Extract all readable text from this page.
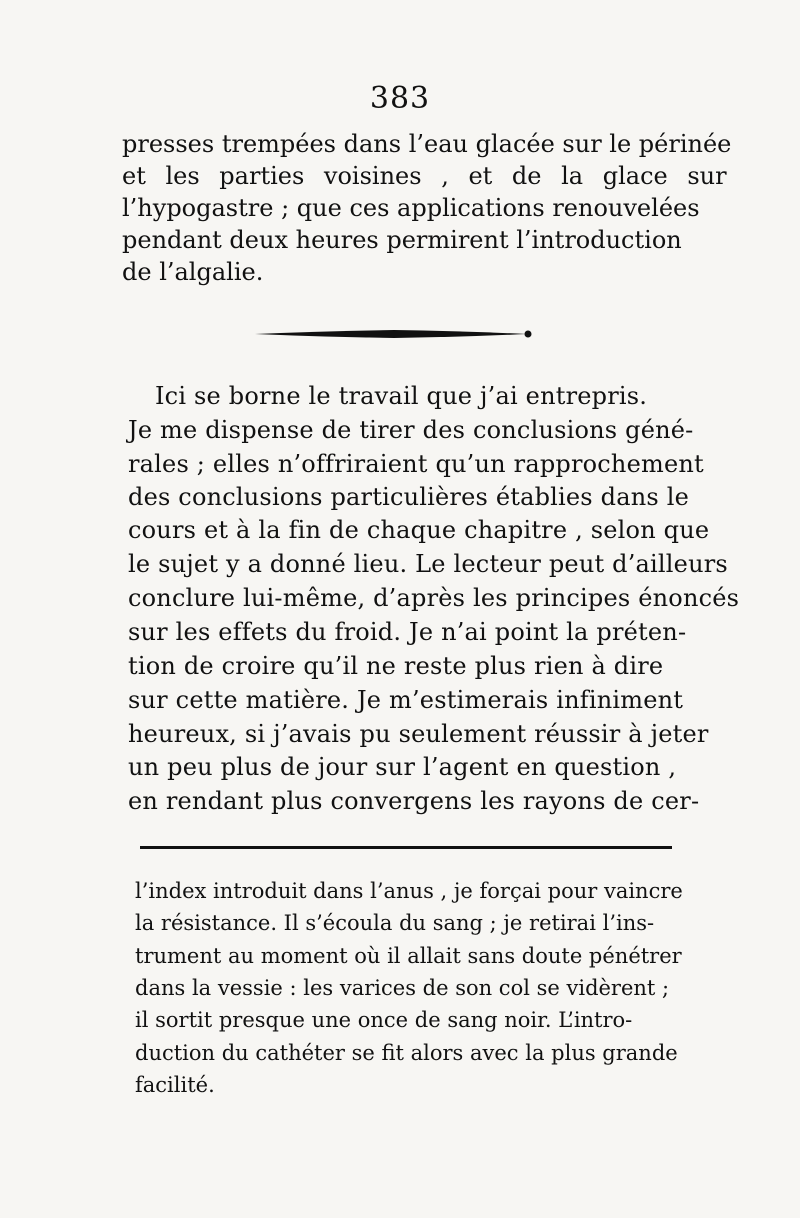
383
presses trempées dans l’eau glacée sur le périnée
et les parties voisines , et de la glace sur
l’hypogastre ; que ces applications renouvelées
pendant deux heures permirent l’introduction
de l’algalie.
Ici se borne le travail que j’ai entrepris.
Je me dispense de tirer des conclusions géné-
rales ; elles n’offriraient qu’un rapprochement
des conclusions particulières établies dans le
cours et à la fin de chaque chapitre , selon que
le sujet y a donné lieu. Le lecteur peut d’ailleurs
conclure lui-même, d’après les principes énoncés
sur les effets du froid. Je n’ai point la préten-
tion de croire qu’il ne reste plus rien à dire
sur cette matière. Je m’estimerais infiniment
heureux, si j’avais pu seulement réussir à jeter
un peu plus de jour sur l’agent en question ,
en rendant plus convergens les rayons de cer-
l’index introduit dans l’anus , je forçai pour vaincre
la résistance. Il s’écoula du sang ; je retirai l’ins-
trument au moment où il allait sans doute pénétrer
dans la vessie : les varices de son col se vidèrent ;
il sortit presque une once de sang noir. L’intro-
duction du cathéter se fit alors avec la plus grande
facilité.
